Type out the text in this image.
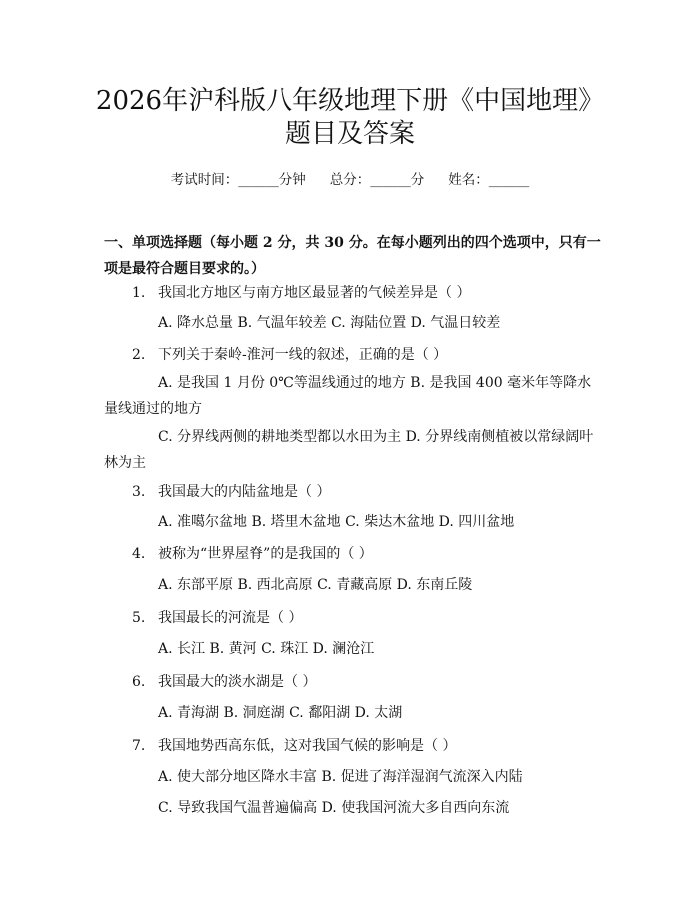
2026年沪科版八年级地理下册《中国地理》
题目及答案
考试时间：______分钟 总分：______分 姓名：______

一、单项选择题（每小题 2 分，共 30 分。在每小题列出的四个选项中，只有一项是最符合题目要求的。）

1. 我国北方地区与南方地区最显著的气候差异是（ ）
A. 降水总量 B. 气温年较差 C. 海陆位置 D. 气温日较差
2. 下列关于秦岭-淮河一线的叙述，正确的是（ ）
A. 是我国 1 月份 0℃等温线通过的地方 B. 是我国 400 毫米年等降水量线通过的地方
C. 分界线两侧的耕地类型都以水田为主 D. 分界线南侧植被以常绿阔叶林为主
3. 我国最大的内陆盆地是（ ）
A. 准噶尔盆地 B. 塔里木盆地 C. 柴达木盆地 D. 四川盆地
4. 被称为“世界屋脊”的是我国的（ ）
A. 东部平原 B. 西北高原 C. 青藏高原 D. 东南丘陵
5. 我国最长的河流是（ ）
A. 长江 B. 黄河 C. 珠江 D. 澜沧江
6. 我国最大的淡水湖是（ ）
A. 青海湖 B. 洞庭湖 C. 鄱阳湖 D. 太湖
7. 我国地势西高东低，这对我国气候的影响是（ ）
A. 使大部分地区降水丰富 B. 促进了海洋湿润气流深入内陆
C. 导致我国气温普遍偏高 D. 使我国河流大多自西向东流
